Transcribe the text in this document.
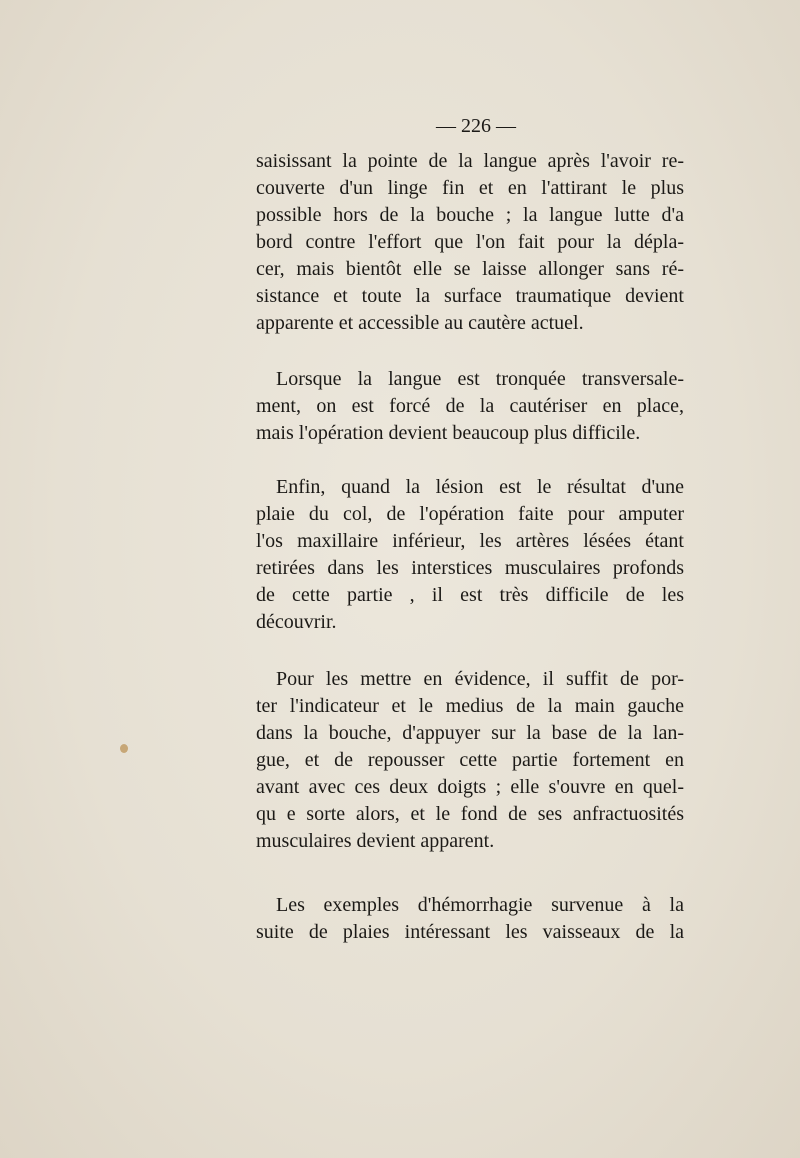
— 226 —
saisissant la pointe de la langue après l'avoir re-
couverte d'un linge fin et en l'attirant le plus
possible hors de la bouche ; la langue lutte d'a
bord contre l'effort que l'on fait pour la dépla-
cer, mais bientôt elle se laisse allonger sans ré-
sistance et toute la surface traumatique devient
apparente et accessible au cautère actuel.
Lorsque la langue est tronquée transversale-
ment, on est forcé de la cautériser en place,
mais l'opération devient beaucoup plus difficile.
Enfin, quand la lésion est le résultat d'une
plaie du col, de l'opération faite pour amputer
l'os maxillaire inférieur, les artères lésées étant
retirées dans les interstices musculaires profonds
de cette partie , il est très difficile de les
découvrir.
Pour les mettre en évidence, il suffit de por-
ter l'indicateur et le medius de la main gauche
dans la bouche, d'appuyer sur la base de la lan-
gue, et de repousser cette partie fortement en
avant avec ces deux doigts ; elle s'ouvre en quel-
qu e sorte alors, et le fond de ses anfractuosités
musculaires devient apparent.
Les exemples d'hémorrhagie survenue à la
suite de plaies intéressant les vaisseaux de la
